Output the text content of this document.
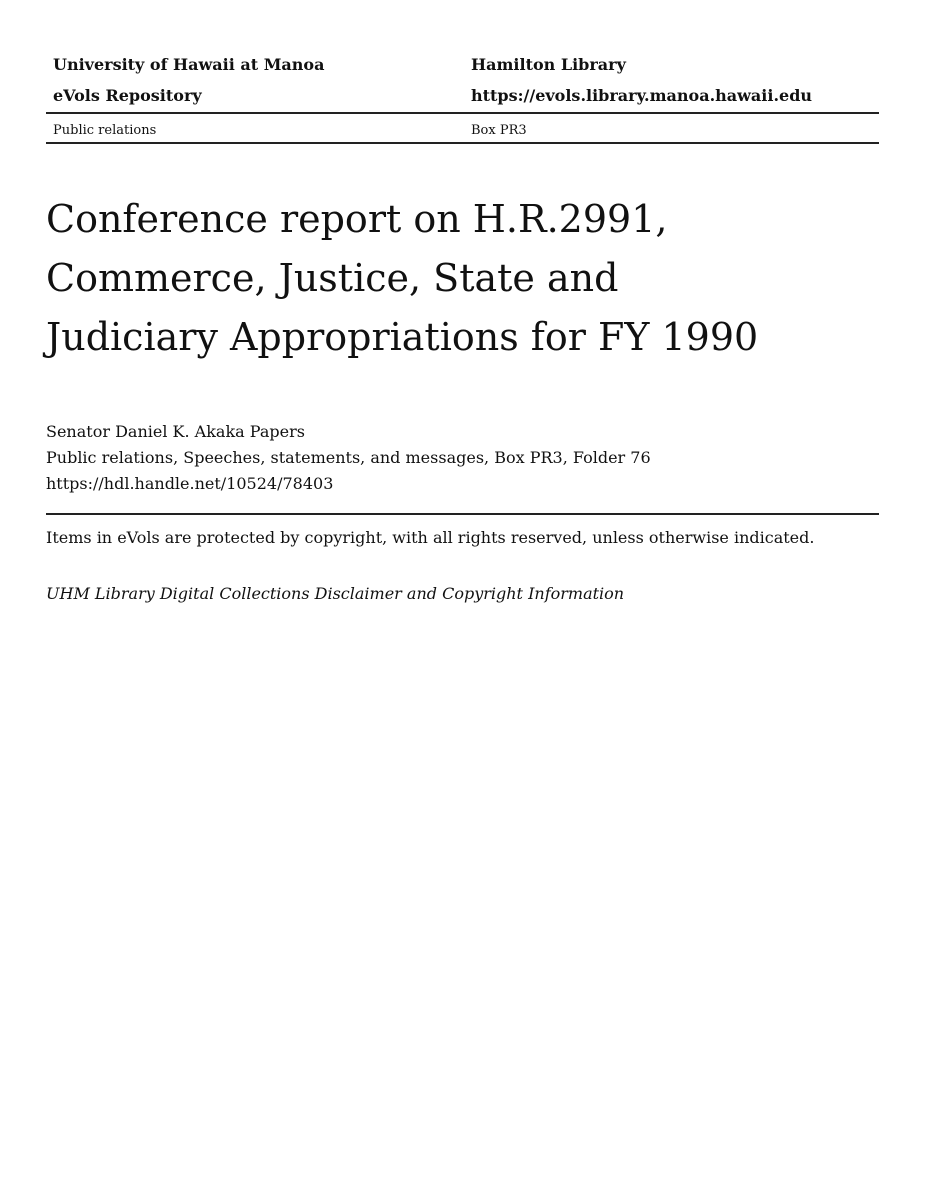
University of Hawaii at Manoa	Hamilton Library
eVols Repository	https://evols.library.manoa.hawaii.edu
Public relations	Box PR3
Conference report on H.R.2991,
Commerce, Justice, State and
Judiciary Appropriations for FY 1990
Senator Daniel K. Akaka Papers
Public relations, Speeches, statements, and messages, Box PR3, Folder 76
https://hdl.handle.net/10524/78403
Items in eVols are protected by copyright, with all rights reserved, unless otherwise indicated.
UHM Library Digital Collections Disclaimer and Copyright Information
